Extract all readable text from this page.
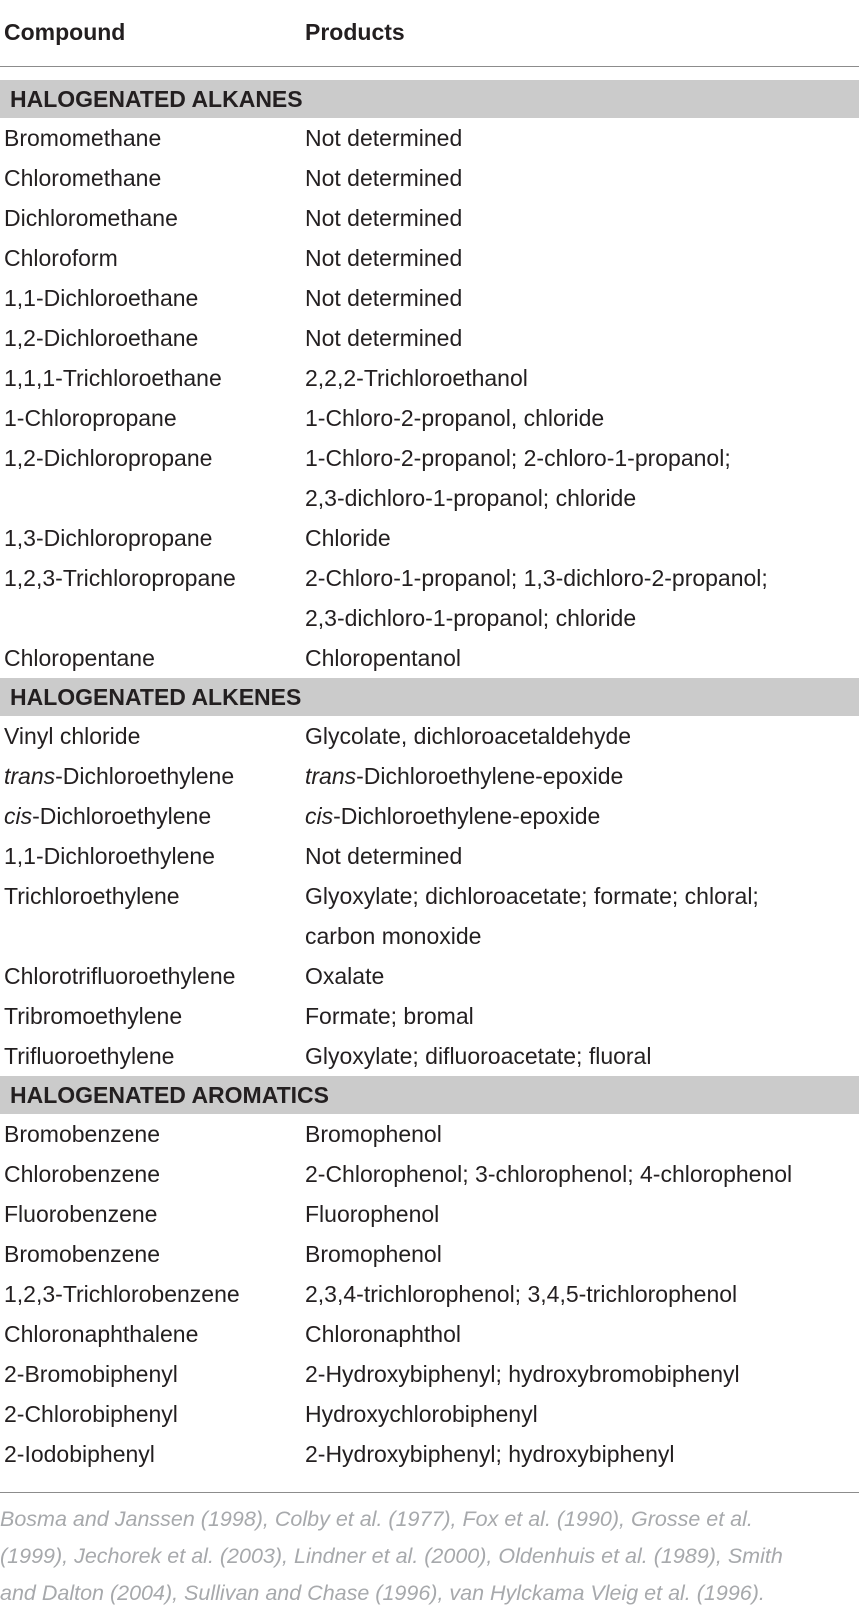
Compound	Products
HALOGENATED ALKANES
Bromomethane	Not determined
Chloromethane	Not determined
Dichloromethane	Not determined
Chloroform	Not determined
1,1-Dichloroethane	Not determined
1,2-Dichloroethane	Not determined
1,1,1-Trichloroethane	2,2,2-Trichloroethanol
1-Chloropropane	1-Chloro-2-propanol, chloride
1,2-Dichloropropane	1-Chloro-2-propanol; 2-chloro-1-propanol;
2,3-dichloro-1-propanol; chloride
1,3-Dichloropropane	Chloride
1,2,3-Trichloropropane	2-Chloro-1-propanol; 1,3-dichloro-2-propanol;
2,3-dichloro-1-propanol; chloride
Chloropentane	Chloropentanol
HALOGENATED ALKENES
Vinyl chloride	Glycolate, dichloroacetaldehyde
trans-Dichloroethylene	trans-Dichloroethylene-epoxide
cis-Dichloroethylene	cis-Dichloroethylene-epoxide
1,1-Dichloroethylene	Not determined
Trichloroethylene	Glyoxylate; dichloroacetate; formate; chloral;
carbon monoxide
Chlorotrifluoroethylene	Oxalate
Tribromoethylene	Formate; bromal
Trifluoroethylene	Glyoxylate; difluoroacetate; fluoral
HALOGENATED AROMATICS
Bromobenzene	Bromophenol
Chlorobenzene	2-Chlorophenol; 3-chlorophenol; 4-chlorophenol
Fluorobenzene	Fluorophenol
Bromobenzene	Bromophenol
1,2,3-Trichlorobenzene	2,3,4-trichlorophenol; 3,4,5-trichlorophenol
Chloronaphthalene	Chloronaphthol
2-Bromobiphenyl	2-Hydroxybiphenyl; hydroxybromobiphenyl
2-Chlorobiphenyl	Hydroxychlorobiphenyl
2-Iodobiphenyl	2-Hydroxybiphenyl; hydroxybiphenyl
Bosma and Janssen (1998), Colby et al. (1977), Fox et al. (1990), Grosse et al.
(1999), Jechorek et al. (2003), Lindner et al. (2000), Oldenhuis et al. (1989), Smith
and Dalton (2004), Sullivan and Chase (1996), van Hylckama Vleig et al. (1996).
